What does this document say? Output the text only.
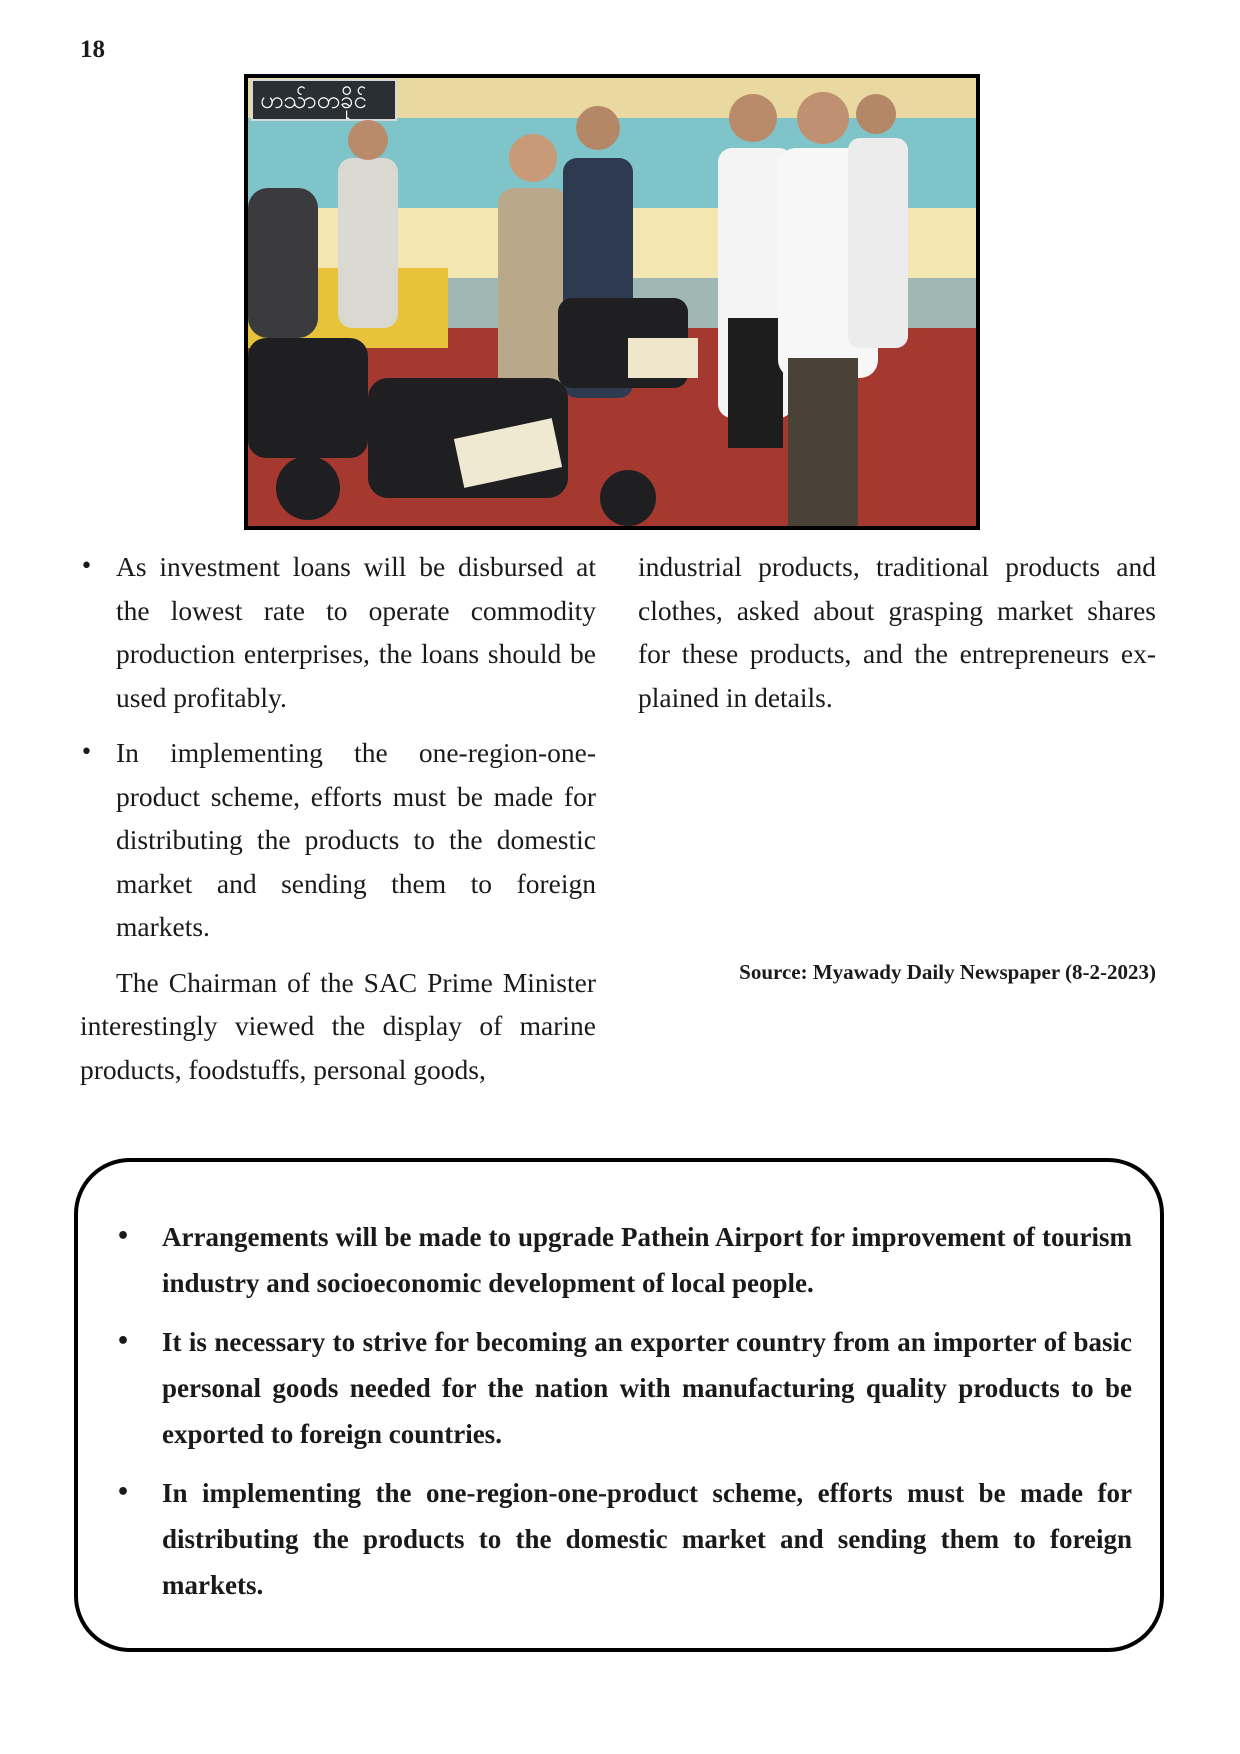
18
ဟသ်ာတခိုင်
• As investment loans will be disbursed at the lowest rate to operate commodity production enterprises, the loans should be used profitably.
• In implementing the one-region-one-product scheme, efforts must be made for distributing the products to the domestic market and sending them to foreign markets.

The Chairman of the SAC Prime Minister interestingly viewed the display of marine products, foodstuffs, personal goods,

industrial products, traditional products and clothes, asked about grasping market shares for these products, and the entrepreneurs explained in details.

Source: Myawady Daily Newspaper (8-2-2023)
• Arrangements will be made to upgrade Pathein Airport for improvement of tourism industry and socioeconomic development of local people.
• It is necessary to strive for becoming an exporter country from an importer of basic personal goods needed for the nation with manufacturing quality products to be exported to foreign countries.
• In implementing the one-region-one-product scheme, efforts must be made for distributing the products to the domestic market and sending them to foreign markets.
